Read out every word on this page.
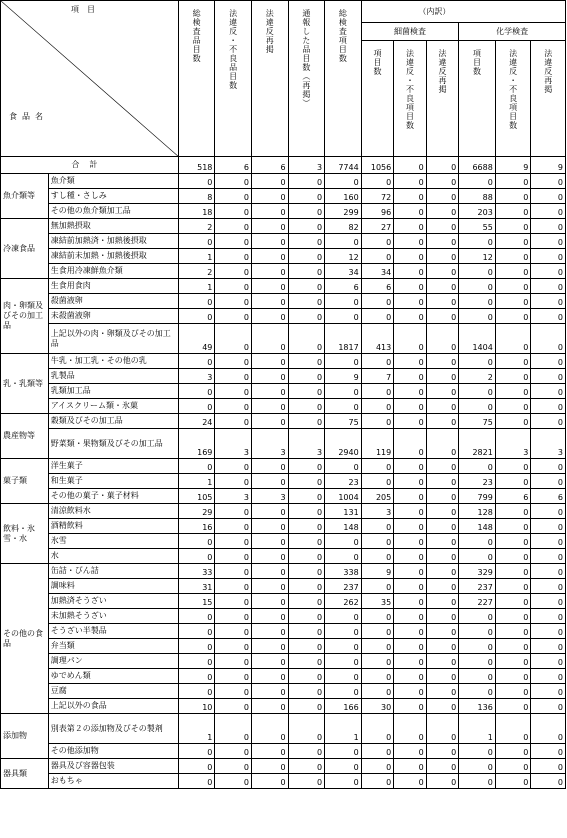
項目
食品名		総検査品目数	法違反・不良品目数	法違反再掲	通報した品目数（再掲）	総検査項目数	（内訳）					
							細菌検査			化学検査		

							項目数	法違反・不良項目数	法違反再掲	項目数	法違反・不良項目数	法違反再掲

合計		518	6	6	3	7744	1056	0	0	6688	9	9
魚介類等	魚介類	0	0	0	0	0	0	0	0	0	0	0
	すし種・さしみ	8	0	0	0	160	72	0	0	88	0	0
	その他の魚介類加工品	18	0	0	0	299	96	0	0	203	0	0
冷凍食品	無加熱摂取	2	0	0	0	82	27	0	0	55	0	0
	凍結前加熱済・加熱後摂取	0	0	0	0	0	0	0	0	0	0	0
	凍結前未加熱・加熱後摂取	1	0	0	0	12	0	0	0	12	0	0
	生食用冷凍鮮魚介類	2	0	0	0	34	34	0	0	0	0	0
肉・卵類及びその加工品	生食用食肉	1	0	0	0	6	6	0	0	0	0	0
	殺菌液卵	0	0	0	0	0	0	0	0	0	0	0
	未殺菌液卵	0	0	0	0	0	0	0	0	0	0	0
	上記以外の肉・卵類及びその加工品	49	0	0	0	1817	413	0	0	1404	0	0
乳・乳類等	牛乳・加工乳・その他の乳	0	0	0	0	0	0	0	0	0	0	0
	乳製品	3	0	0	0	9	7	0	0	2	0	0
	乳類加工品	0	0	0	0	0	0	0	0	0	0	0
	アイスクリーム類・氷菓	0	0	0	0	0	0	0	0	0	0	0
農産物等	穀類及びその加工品	24	0	0	0	75	0	0	0	75	0	0
	野菜類・果物類及びその加工品	169	3	3	3	2940	119	0	0	2821	3	3
菓子類	洋生菓子	0	0	0	0	0	0	0	0	0	0	0
	和生菓子	1	0	0	0	23	0	0	0	23	0	0
	その他の菓子・菓子材料	105	3	3	0	1004	205	0	0	799	6	6
飲料・氷雪・水	清涼飲料水	29	0	0	0	131	3	0	0	128	0	0
	酒精飲料	16	0	0	0	148	0	0	0	148	0	0
	氷雪	0	0	0	0	0	0	0	0	0	0	0
	水	0	0	0	0	0	0	0	0	0	0	0
その他の食品	缶詰・びん詰	33	0	0	0	338	9	0	0	329	0	0
	調味料	31	0	0	0	237	0	0	0	237	0	0
	加熱済そうざい	15	0	0	0	262	35	0	0	227	0	0
	未加熱そうざい	0	0	0	0	0	0	0	0	0	0	0
	そうざい半製品	0	0	0	0	0	0	0	0	0	0	0
	弁当類	0	0	0	0	0	0	0	0	0	0	0
	調理パン	0	0	0	0	0	0	0	0	0	0	0
	ゆでめん類	0	0	0	0	0	0	0	0	0	0	0
	豆腐	0	0	0	0	0	0	0	0	0	0	0
	上記以外の食品	10	0	0	0	166	30	0	0	136	0	0
添加物	別表第２の添加物及びその製剤	1	0	0	0	1	0	0	0	1	0	0
	その他添加物	0	0	0	0	0	0	0	0	0	0	0
器具類	器具及び容器包装	0	0	0	0	0	0	0	0	0	0	0
	おもちゃ	0	0	0	0	0	0	0	0	0	0	0
